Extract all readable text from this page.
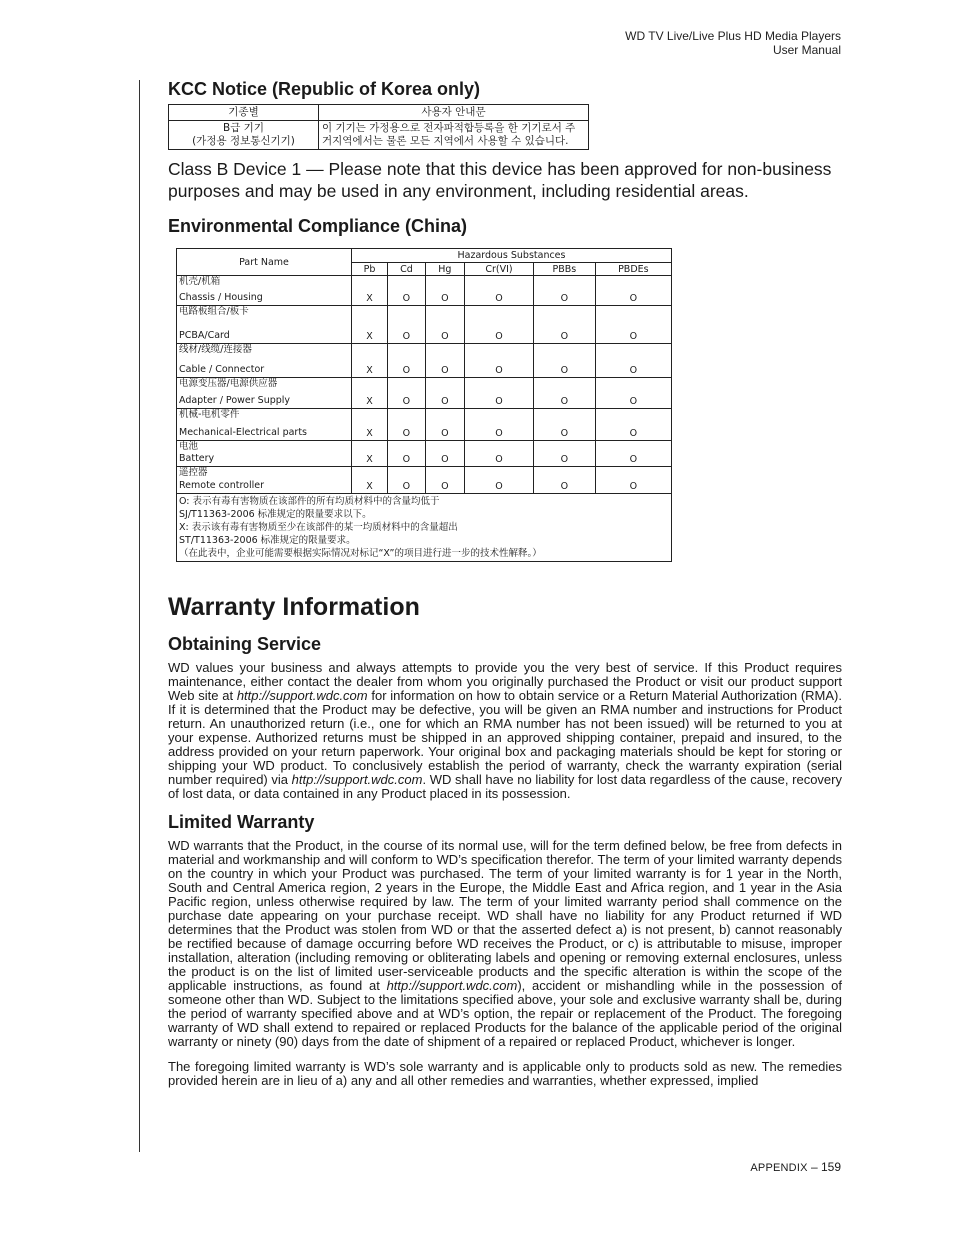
WD TV Live/Live Plus HD Media Players
User Manual
KCC Notice (Republic of Korea only)
기종별	사용자 안내문

B급 기기
(가정용 정보통신기기)	이 기기는 가정용으로 전자파적합등록을 한 기기로서 주거지역에서는 물론 모든 지역에서 사용할 수 있습니다.

Class B Device 1 — Please note that this device has been approved for non-business purposes and may be used in any environment, including residential areas.

Environmental Compliance (China)
Part Name	Hazardous Substances					
	Pb	Cd	Hg	Cr(VI)	PBBs	PBDEs

机壳/机箱
Chassis / Housing	X	O	O	O	O	O

电路板组合/板卡
PCBA/Card	X	O	O	O	O	O

线材/线缆/连接器
Cable / Connector	X	O	O	O	O	O

电源变压器/电源供应器
Adapter / Power Supply	X	O	O	O	O	O

机械-电机零件
Mechanical-Electrical parts	X	O	O	O	O	O

电池
Battery	X	O	O	O	O	O

遥控器
Remote controller	X	O	O	O	O	O

O: 表示有毒有害物质在该部件的所有均质材料中的含量均低于
SJ/T11363-2006 标准规定的限量要求以下。
X: 表示该有毒有害物质至少在该部件的某一均质材料中的含量超出
ST/T11363-2006 标准规定的限量要求。
（在此表中，企业可能需要根据实际情况对标记“X”的项目进行进一步的技术性解释。）						
Warranty Information
Obtaining Service

WD values your business and always attempts to provide you the very best of service. If this Product requires maintenance, either contact the dealer from whom you originally purchased the Product or visit our product support Web site at http://support.wdc.com for information on how to obtain service or a Return Material Authorization (RMA). If it is determined that the Product may be defective, you will be given an RMA number and instructions for Product return. An unauthorized return (i.e., one for which an RMA number has not been issued) will be returned to you at your expense. Authorized returns must be shipped in an approved shipping container, prepaid and insured, to the address provided on your return paperwork. Your original box and packaging materials should be kept for storing or shipping your WD product. To conclusively establish the period of warranty, check the warranty expiration (serial number required) via http://support.wdc.com. WD shall have no liability for lost data regardless of the cause, recovery of lost data, or data contained in any Product placed in its possession.

Limited Warranty

WD warrants that the Product, in the course of its normal use, will for the term defined below, be free from defects in material and workmanship and will conform to WD’s specification therefor. The term of your limited warranty depends on the country in which your Product was purchased. The term of your limited warranty is for 1 year in the North, South and Central America region, 2 years in the Europe, the Middle East and Africa region, and 1 year in the Asia Pacific region, unless otherwise required by law. The term of your limited warranty period shall commence on the purchase date appearing on your purchase receipt. WD shall have no liability for any Product returned if WD determines that the Product was stolen from WD or that the asserted defect a) is not present, b) cannot reasonably be rectified because of damage occurring before WD receives the Product, or c) is attributable to misuse, improper installation, alteration (including removing or obliterating labels and opening or removing external enclosures, unless the product is on the list of limited user-serviceable products and the specific alteration is within the scope of the applicable instructions, as found at http://support.wdc.com), accident or mishandling while in the possession of someone other than WD. Subject to the limitations specified above, your sole and exclusive warranty shall be, during the period of warranty specified above and at WD’s option, the repair or replacement of the Product. The foregoing warranty of WD shall extend to repaired or replaced Products for the balance of the applicable period of the original warranty or ninety (90) days from the date of shipment of a repaired or replaced Product, whichever is longer.

The foregoing limited warranty is WD’s sole warranty and is applicable only to products sold as new. The remedies provided herein are in lieu of a) any and all other remedies and warranties, whether expressed, implied

APPENDIX – 159
